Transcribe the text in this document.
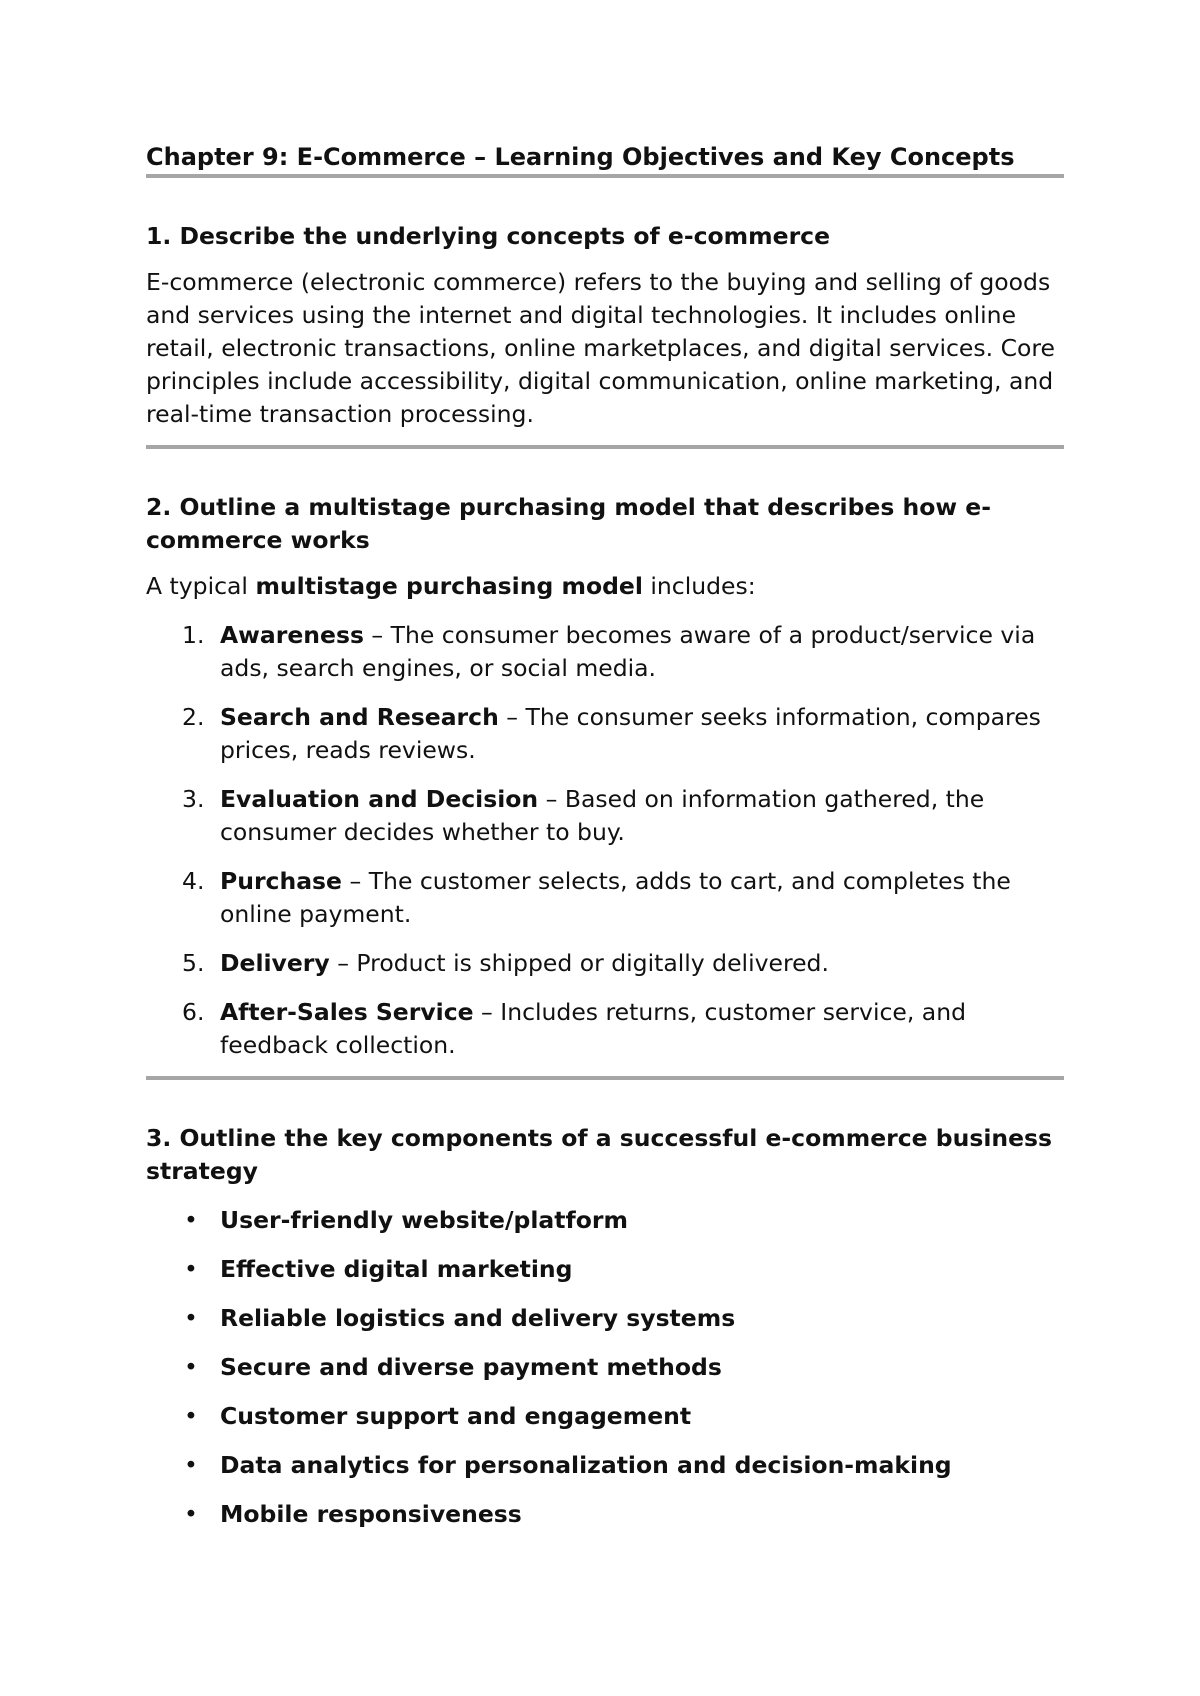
Chapter 9: E-Commerce – Learning Objectives and Key Concepts
1. Describe the underlying concepts of e-commerce

E-commerce (electronic commerce) refers to the buying and selling of goods and services using the internet and digital technologies. It includes online retail, electronic transactions, online marketplaces, and digital services. Core principles include accessibility, digital communication, online marketing, and real-time transaction processing.

2. Outline a multistage purchasing model that describes how e-commerce works

A typical multistage purchasing model includes:

1. Awareness – The consumer becomes aware of a product/service via ads, search engines, or social media.
2. Search and Research – The consumer seeks information, compares prices, reads reviews.
3. Evaluation and Decision – Based on information gathered, the consumer decides whether to buy.
4. Purchase – The customer selects, adds to cart, and completes the online payment.
5. Delivery – Product is shipped or digitally delivered.
6. After-Sales Service – Includes returns, customer service, and feedback collection.
3. Outline the key components of a successful e-commerce business strategy
• User-friendly website/platform
• Effective digital marketing
• Reliable logistics and delivery systems
• Secure and diverse payment methods
• Customer support and engagement
• Data analytics for personalization and decision-making
• Mobile responsiveness
